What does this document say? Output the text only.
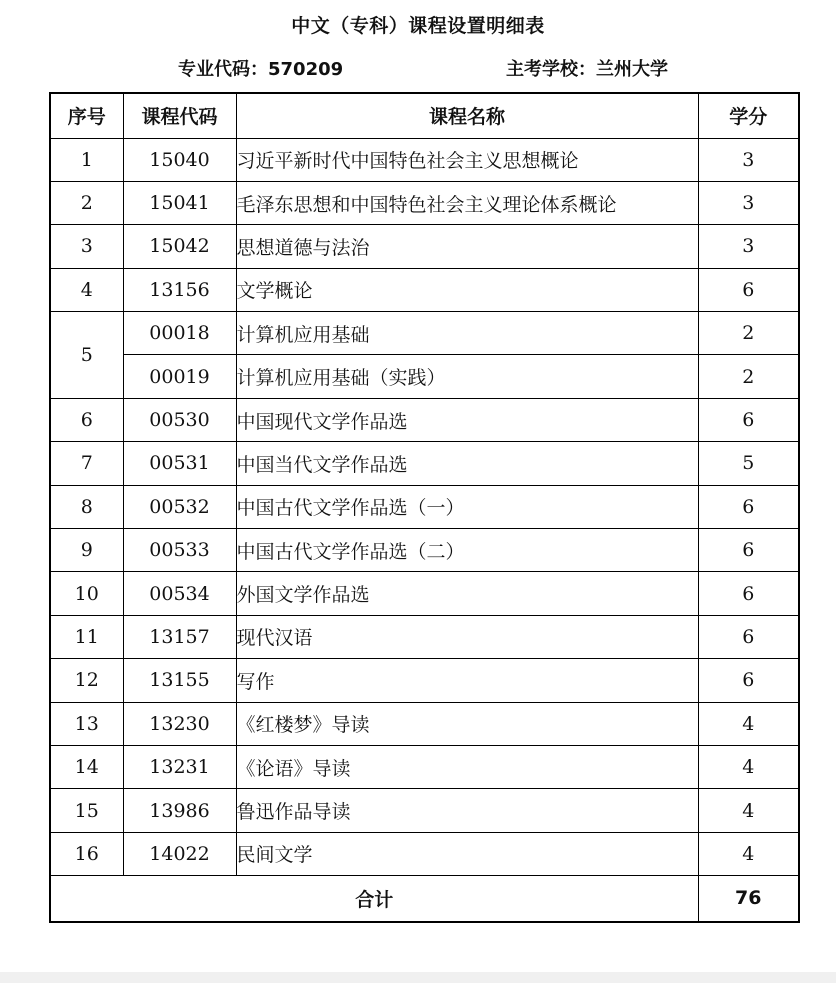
中文（专科）课程设置明细表
专业代码：570209	主考学校：兰州大学
序号	课程代码	课程名称	学分
1	15040	习近平新时代中国特色社会主义思想概论	3
2	15041	毛泽东思想和中国特色社会主义理论体系概论	3
3	15042	思想道德与法治	3
4	13156	文学概论	6
5	00018	计算机应用基础	2
	00019	计算机应用基础（实践）	2
6	00530	中国现代文学作品选	6
7	00531	中国当代文学作品选	5
8	00532	中国古代文学作品选（一）	6
9	00533	中国古代文学作品选（二）	6
10	00534	外国文学作品选	6
11	13157	现代汉语	6
12	13155	写作	6
13	13230	《红楼梦》导读	4
14	13231	《论语》导读	4
15	13986	鲁迅作品导读	4
16	14022	民间文学	4
合计			76
